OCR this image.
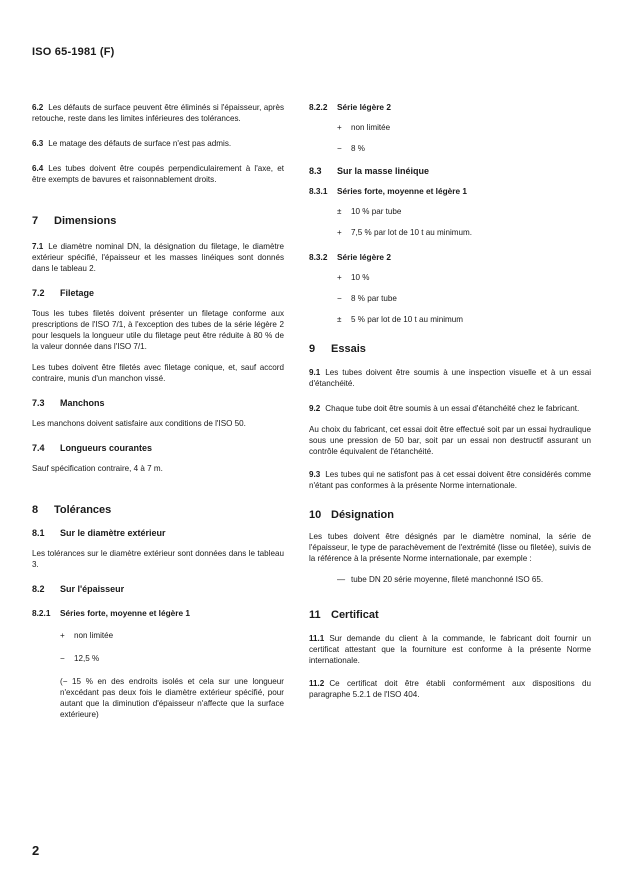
ISO 65-1981 (F)

6.2 Les défauts de surface peuvent être éliminés si l'épaisseur, après retouche, reste dans les limites inférieures des tolérances.

6.3 Le matage des défauts de surface n'est pas admis.

6.4 Les tubes doivent être coupés perpendiculairement à l'axe, et être exempts de bavures et raisonnablement droits.

7 Dimensions

7.1 Le diamètre nominal DN, la désignation du filetage, le diamètre extérieur spécifié, l'épaisseur et les masses linéiques sont donnés dans le tableau 2.

7.2 Filetage

Tous les tubes filetés doivent présenter un filetage conforme aux prescriptions de l'ISO 7/1, à l'exception des tubes de la série légère 2 pour lesquels la longueur utile du filetage peut être réduite à 80 % de la valeur donnée dans l'ISO 7/1.

Les tubes doivent être filetés avec filetage conique, et, sauf accord contraire, munis d'un manchon vissé.

7.3 Manchons

Les manchons doivent satisfaire aux conditions de l'ISO 50.

7.4 Longueurs courantes

Sauf spécification contraire, 4 à 7 m.

8 Tolérances
8.1 Sur le diamètre extérieur

Les tolérances sur le diamètre extérieur sont données dans le tableau 3.

8.2 Sur l'épaisseur
8.2.1 Séries forte, moyenne et légère 1
+ non limitée
− 12,5 %

(− 15 % en des endroits isolés et cela sur une longueur n'excédant pas deux fois le diamètre extérieur spécifié, pour autant que la diminution d'épaisseur n'affecte que la surface extérieure)

8.2.2 Série légère 2
+ non limitée
− 8 %
8.3 Sur la masse linéique
8.3.1 Séries forte, moyenne et légère 1
± 10 % par tube
+ 7,5 % par lot de 10 t au minimum.
8.3.2 Série légère 2
+ 10 %
− 8 % par tube
± 5 % par lot de 10 t au minimum
9 Essais

9.1 Les tubes doivent être soumis à une inspection visuelle et à un essai d'étanchéité.

9.2 Chaque tube doit être soumis à un essai d'étanchéité chez le fabricant.

Au choix du fabricant, cet essai doit être effectué soit par un essai hydraulique sous une pression de 50 bar, soit par un essai non destructif assurant un contrôle équivalent de l'étanchéité.

9.3 Les tubes qui ne satisfont pas à cet essai doivent être considérés comme n'étant pas conformes à la présente Norme internationale.

10 Désignation

Les tubes doivent être désignés par le diamètre nominal, la série de l'épaisseur, le type de parachèvement de l'extrémité (lisse ou filetée), suivis de la référence à la présente Norme internationale, par exemple :

— tube DN 20 série moyenne, fileté manchonné ISO 65.
11 Certificat

11.1 Sur demande du client à la commande, le fabricant doit fournir un certificat attestant que la fourniture est conforme à la présente Norme internationale.

11.2 Ce certificat doit être établi conformément aux dispositions du paragraphe 5.2.1 de l'ISO 404.

2
